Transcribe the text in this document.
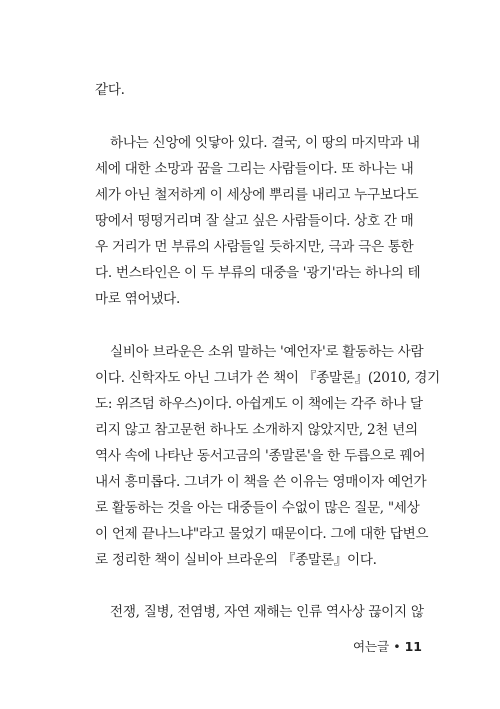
같다.
하나는 신앙에 잇닿아 있다. 결국, 이 땅의 마지막과 내
세에 대한 소망과 꿈을 그리는 사람들이다. 또 하나는 내
세가 아닌 철저하게 이 세상에 뿌리를 내리고 누구보다도
땅에서 떵떵거리며 잘 살고 싶은 사람들이다. 상호 간 매
우 거리가 먼 부류의 사람들일 듯하지만, 극과 극은 통한
다. 번스타인은 이 두 부류의 대중을 '광기'라는 하나의 테
마로 엮어냈다.
실비아 브라운은 소위 말하는 '예언자'로 활동하는 사람
이다. 신학자도 아닌 그녀가 쓴 책이 『종말론』(2010, 경기
도: 위즈덤 하우스)이다. 아쉽게도 이 책에는 각주 하나 달
리지 않고 참고문헌 하나도 소개하지 않았지만, 2천 년의
역사 속에 나타난 동서고금의 '종말론'을 한 두릅으로 꿰어
내서 흥미롭다. 그녀가 이 책을 쓴 이유는 영매이자 예언가
로 활동하는 것을 아는 대중들이 수없이 많은 질문, "세상
이 언제 끝나느냐"라고 물었기 때문이다. 그에 대한 답변으
로 정리한 책이 실비아 브라운의 『종말론』이다.
전쟁, 질병, 전염병, 자연 재해는 인류 역사상 끊이지 않
여는글 • 11
